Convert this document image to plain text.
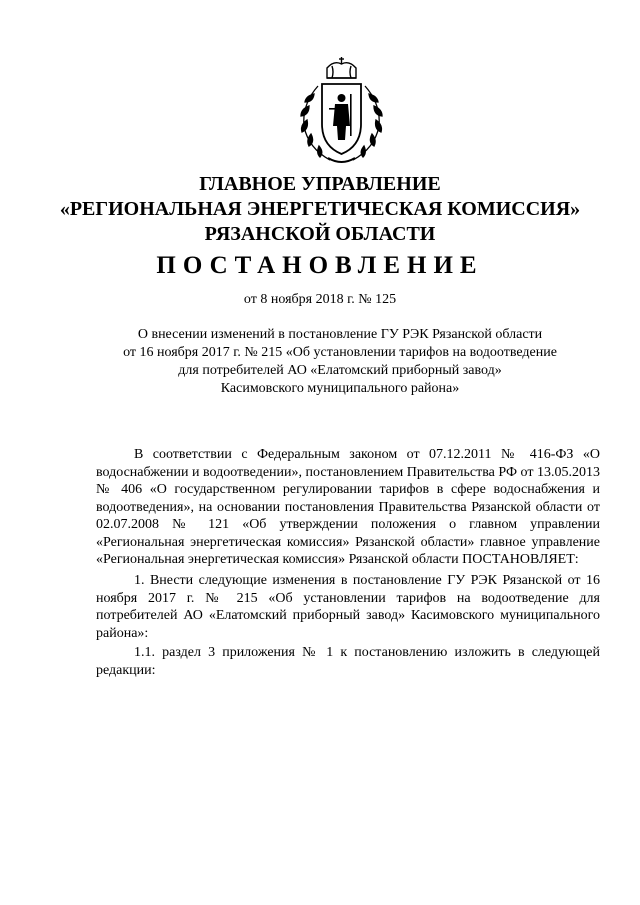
ГЛАВНОЕ УПРАВЛЕНИЕ
«РЕГИОНАЛЬНАЯ ЭНЕРГЕТИЧЕСКАЯ КОМИССИЯ»
РЯЗАНСКОЙ ОБЛАСТИ
ПОСТАНОВЛЕНИЕ
от 8 ноября 2018 г. № 125
О внесении изменений в постановление ГУ РЭК Рязанской области
от 16 ноября 2017 г. № 215 «Об установлении тарифов на водоотведение
для потребителей АО «Елатомский приборный завод»
Касимовского муниципального района»
В соответствии с Федеральным законом от 07.12.2011 № 416-ФЗ «О водоснабжении и водоотведении», постановлением Правительства РФ от 13.05.2013 № 406 «О государственном регулировании тарифов в сфере водоснабжения и водоотведения», на основании постановления Правительства Рязанской области от 02.07.2008 № 121 «Об утверждении положения о главном управлении «Региональная энергетическая комиссия» Рязанской области» главное управление «Региональная энергетическая комиссия» Рязанской области ПОСТАНОВЛЯЕТ:
1. Внести следующие изменения в постановление ГУ РЭК Рязанской от 16 ноября 2017 г. № 215 «Об установлении тарифов на водоотведение для потребителей АО «Елатомский приборный завод» Касимовского муниципального района»:
1.1. раздел 3 приложения № 1 к постановлению изложить в следующей редакции:
